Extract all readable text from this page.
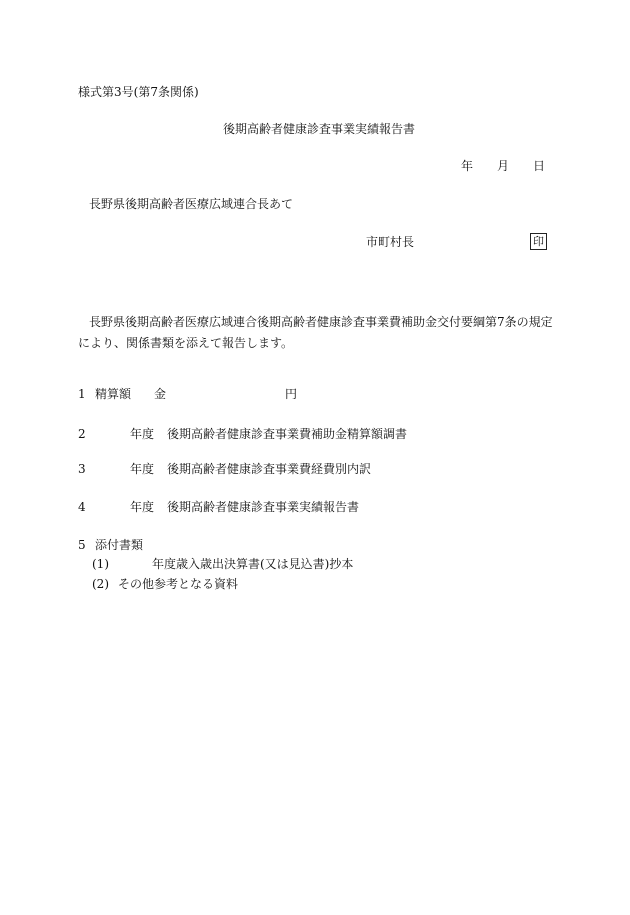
様式第3号(第7条関係)
後期高齢者健康診査事業実績報告書
年 月 日
長野県後期高齢者医療広域連合長あて
市町村長	印
長野県後期高齢者医療広域連合後期高齢者健康診査事業費補助金交付要綱第7条の規定により、関係書類を添えて報告します。
1 精算額 金	円
2	年度 後期高齢者健康診査事業費補助金精算額調書
3	年度 後期高齢者健康診査事業費経費別内訳
4	年度 後期高齢者健康診査事業実績報告書
5 添付書類
(1)	年度 歳入歳出決算書(又は見込書)抄本
(2) その他参考となる資料
